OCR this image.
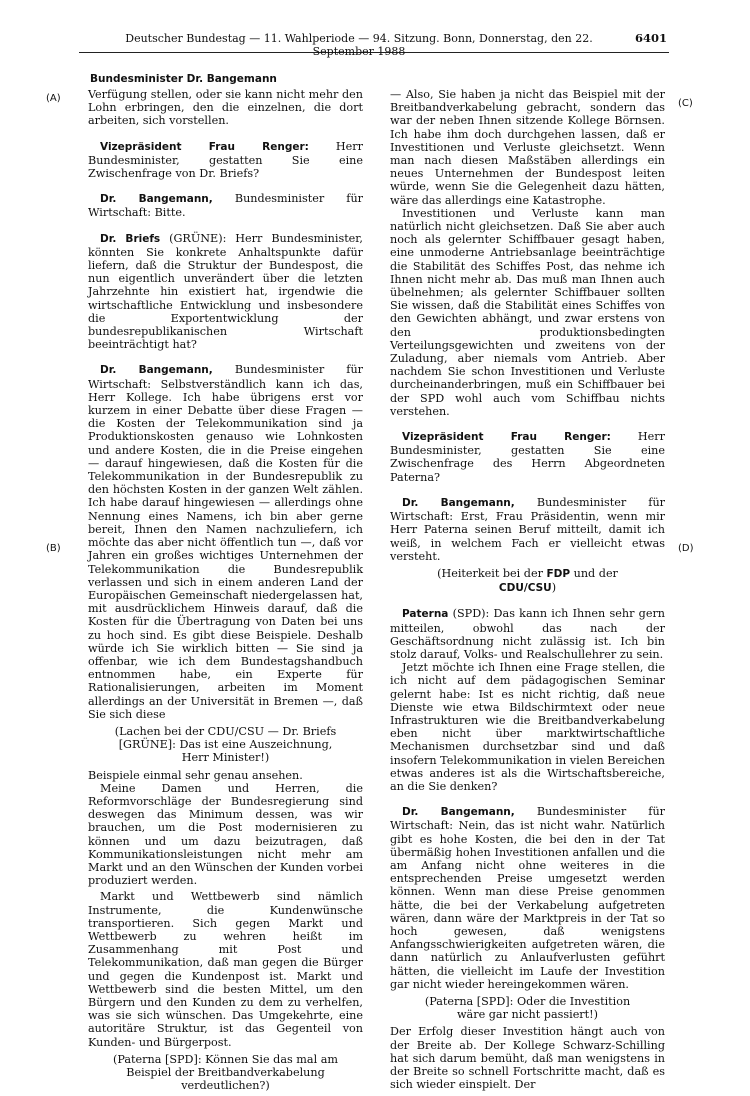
Deutscher Bundestag — 11. Wahlperiode — 94. Sitzung. Bonn, Donnerstag, den 22. September 1988
6401
Bundesminister Dr. Bangemann
(A)
(B)
(C)
(D)

Verfügung stellen, oder sie kann nicht mehr den Lohn erbringen, den die einzelnen, die dort arbeiten, sich vorstellen.

Vizepräsident Frau Renger: Herr Bundesminister, gestatten Sie eine Zwischenfrage von Dr. Briefs?

Dr. Bangemann, Bundesminister für Wirtschaft: Bitte.

Dr. Briefs (GRÜNE): Herr Bundesminister, könnten Sie konkrete Anhaltspunkte dafür liefern, daß die Struktur der Bundespost, die nun eigentlich unverändert über die letzten Jahrzehnte hin existiert hat, irgendwie die wirtschaftliche Entwicklung und insbesondere die Exportentwicklung der bundesrepublikanischen Wirtschaft beeinträchtigt hat?

Dr. Bangemann, Bundesminister für Wirtschaft: Selbstverständlich kann ich das, Herr Kollege. Ich habe übrigens erst vor kurzem in einer Debatte über diese Fragen — die Kosten der Telekommunikation sind ja Produktionskosten genauso wie Lohnkosten und andere Kosten, die in die Preise eingehen — darauf hingewiesen, daß die Kosten für die Telekommunikation in der Bundesrepublik zu den höchsten Kosten in der ganzen Welt zählen. Ich habe darauf hingewiesen — allerdings ohne Nennung eines Namens, ich bin aber gerne bereit, Ihnen den Namen nachzuliefern, ich möchte das aber nicht öffentlich tun —, daß vor Jahren ein großes wichtiges Unternehmen der Telekommunikation die Bundesrepublik verlassen und sich in einem anderen Land der Europäischen Gemeinschaft niedergelassen hat, mit ausdrücklichem Hinweis darauf, daß die Kosten für die Übertragung von Daten bei uns zu hoch sind. Es gibt diese Beispiele. Deshalb würde ich Sie wirklich bitten — Sie sind ja offenbar, wie ich dem Bundestagshandbuch entnommen habe, ein Experte für Rationalisierungen, arbeiten im Moment allerdings an der Universität in Bremen —, daß Sie sich diese

(Lachen bei der CDU/CSU — Dr. Briefs [GRÜNE]: Das ist eine Auszeichnung, Herr Minister!)

Beispiele einmal sehr genau ansehen.

Meine Damen und Herren, die Reformvorschläge der Bundesregierung sind deswegen das Minimum dessen, was wir brauchen, um die Post modernisieren zu können und um dazu beizutragen, daß Kommunikationsleistungen nicht mehr am Markt und an den Wünschen der Kunden vorbei produziert werden.

Markt und Wettbewerb sind nämlich Instrumente, die Kundenwünsche transportieren. Sich gegen Markt und Wettbewerb zu wehren heißt im Zusammenhang mit Post und Telekommunikation, daß man gegen die Bürger und gegen die Kundenpost ist. Markt und Wettbewerb sind die besten Mittel, um den Bürgern und den Kunden zu dem zu verhelfen, was sie sich wünschen. Das Umgekehrte, eine autoritäre Struktur, ist das Gegenteil von Kunden- und Bürgerpost.

(Paterna [SPD]: Können Sie das mal am Beispiel der Breitbandverkabelung verdeutlichen?)

— Also, Sie haben ja nicht das Beispiel mit der Breitbandverkabelung gebracht, sondern das war der neben Ihnen sitzende Kollege Börnsen. Ich habe ihm doch durchgehen lassen, daß er Investitionen und Verluste gleichsetzt. Wenn man nach diesen Maßstäben allerdings ein neues Unternehmen der Bundespost leiten würde, wenn Sie die Gelegenheit dazu hätten, wäre das allerdings eine Katastrophe.

Investitionen und Verluste kann man natürlich nicht gleichsetzen. Daß Sie aber auch noch als gelernter Schiffbauer gesagt haben, eine unmoderne Antriebsanlage beeinträchtige die Stabilität des Schiffes Post, das nehme ich Ihnen nicht mehr ab. Das muß man Ihnen auch übelnehmen; als gelernter Schiffbauer sollten Sie wissen, daß die Stabilität eines Schiffes von den Gewichten abhängt, und zwar erstens von den produktionsbedingten Verteilungsgewichten und zweitens von der Zuladung, aber niemals vom Antrieb. Aber nachdem Sie schon Investitionen und Verluste durcheinanderbringen, muß ein Schiffbauer bei der SPD wohl auch vom Schiffbau nichts verstehen.

Vizepräsident Frau Renger: Herr Bundesminister, gestatten Sie eine Zwischenfrage des Herrn Abgeordneten Paterna?

Dr. Bangemann, Bundesminister für Wirtschaft: Erst, Frau Präsidentin, wenn mir Herr Paterna seinen Beruf mitteilt, damit ich weiß, in welchem Fach er vielleicht etwas versteht.

(Heiterkeit bei der FDP und der CDU/CSU)

Paterna (SPD): Das kann ich Ihnen sehr gern mitteilen, obwohl das nach der Geschäftsordnung nicht zulässig ist. Ich bin stolz darauf, Volks- und Realschullehrer zu sein.

Jetzt möchte ich Ihnen eine Frage stellen, die ich nicht auf dem pädagogischen Seminar gelernt habe: Ist es nicht richtig, daß neue Dienste wie etwa Bildschirmtext oder neue Infrastrukturen wie die Breitbandverkabelung eben nicht über marktwirtschaftliche Mechanismen durchsetzbar sind und daß insofern Telekommunikation in vielen Bereichen etwas anderes ist als die Wirtschaftsbereiche, an die Sie denken?

Dr. Bangemann, Bundesminister für Wirtschaft: Nein, das ist nicht wahr. Natürlich gibt es hohe Kosten, die bei den in der Tat übermäßig hohen Investitionen anfallen und die am Anfang nicht ohne weiteres in die entsprechenden Preise umgesetzt werden können. Wenn man diese Preise genommen hätte, die bei der Verkabelung aufgetreten wären, dann wäre der Marktpreis in der Tat so hoch gewesen, daß wenigstens Anfangsschwierigkeiten aufgetreten wären, die dann natürlich zu Anlaufverlusten geführt hätten, die vielleicht im Laufe der Investition gar nicht wieder hereingekommen wären.

(Paterna [SPD]: Oder die Investition wäre gar nicht passiert!)

Der Erfolg dieser Investition hängt auch von der Breite ab. Der Kollege Schwarz-Schilling hat sich darum bemüht, daß man wenigstens in der Breite so schnell Fortschritte macht, daß es sich wieder einspielt. Der
